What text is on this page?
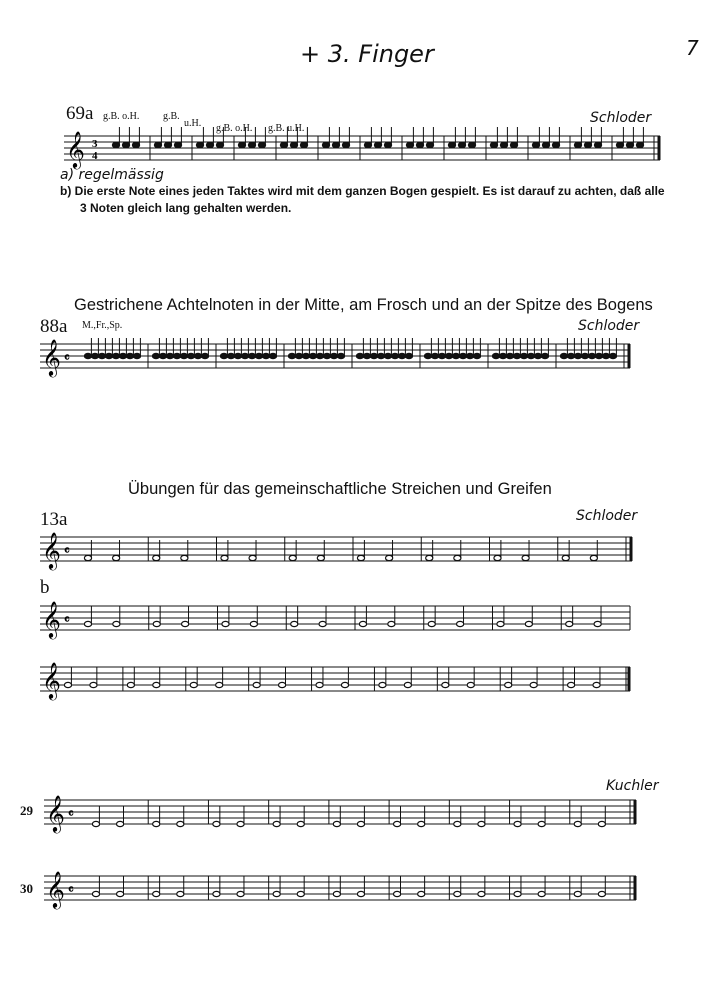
+ 3. Finger	7
69a g.B. o.H. g.B.
u.H. g.B. o.H. g.B. u.H.
Schloder
𝄞 3
4
a) regelmässig
b) Die erste Note eines jeden Taktes wird mit dem ganzen Bogen gespielt. Es ist darauf zu achten, daß alle
3 Noten gleich lang gehalten werden.
Gestrichene Achtelnoten in der Mitte, am Frosch und an der Spitze des Bogens
88a M.,Fr.,Sp.	Schloder
𝄞 𝄴
Übungen für das gemeinschaftliche Streichen und Greifen
13a	Schloder
𝄞 𝄴
b
𝄞 𝄴
𝄞
Kuchler
29 𝄞 𝄴
30 𝄞 𝄴
